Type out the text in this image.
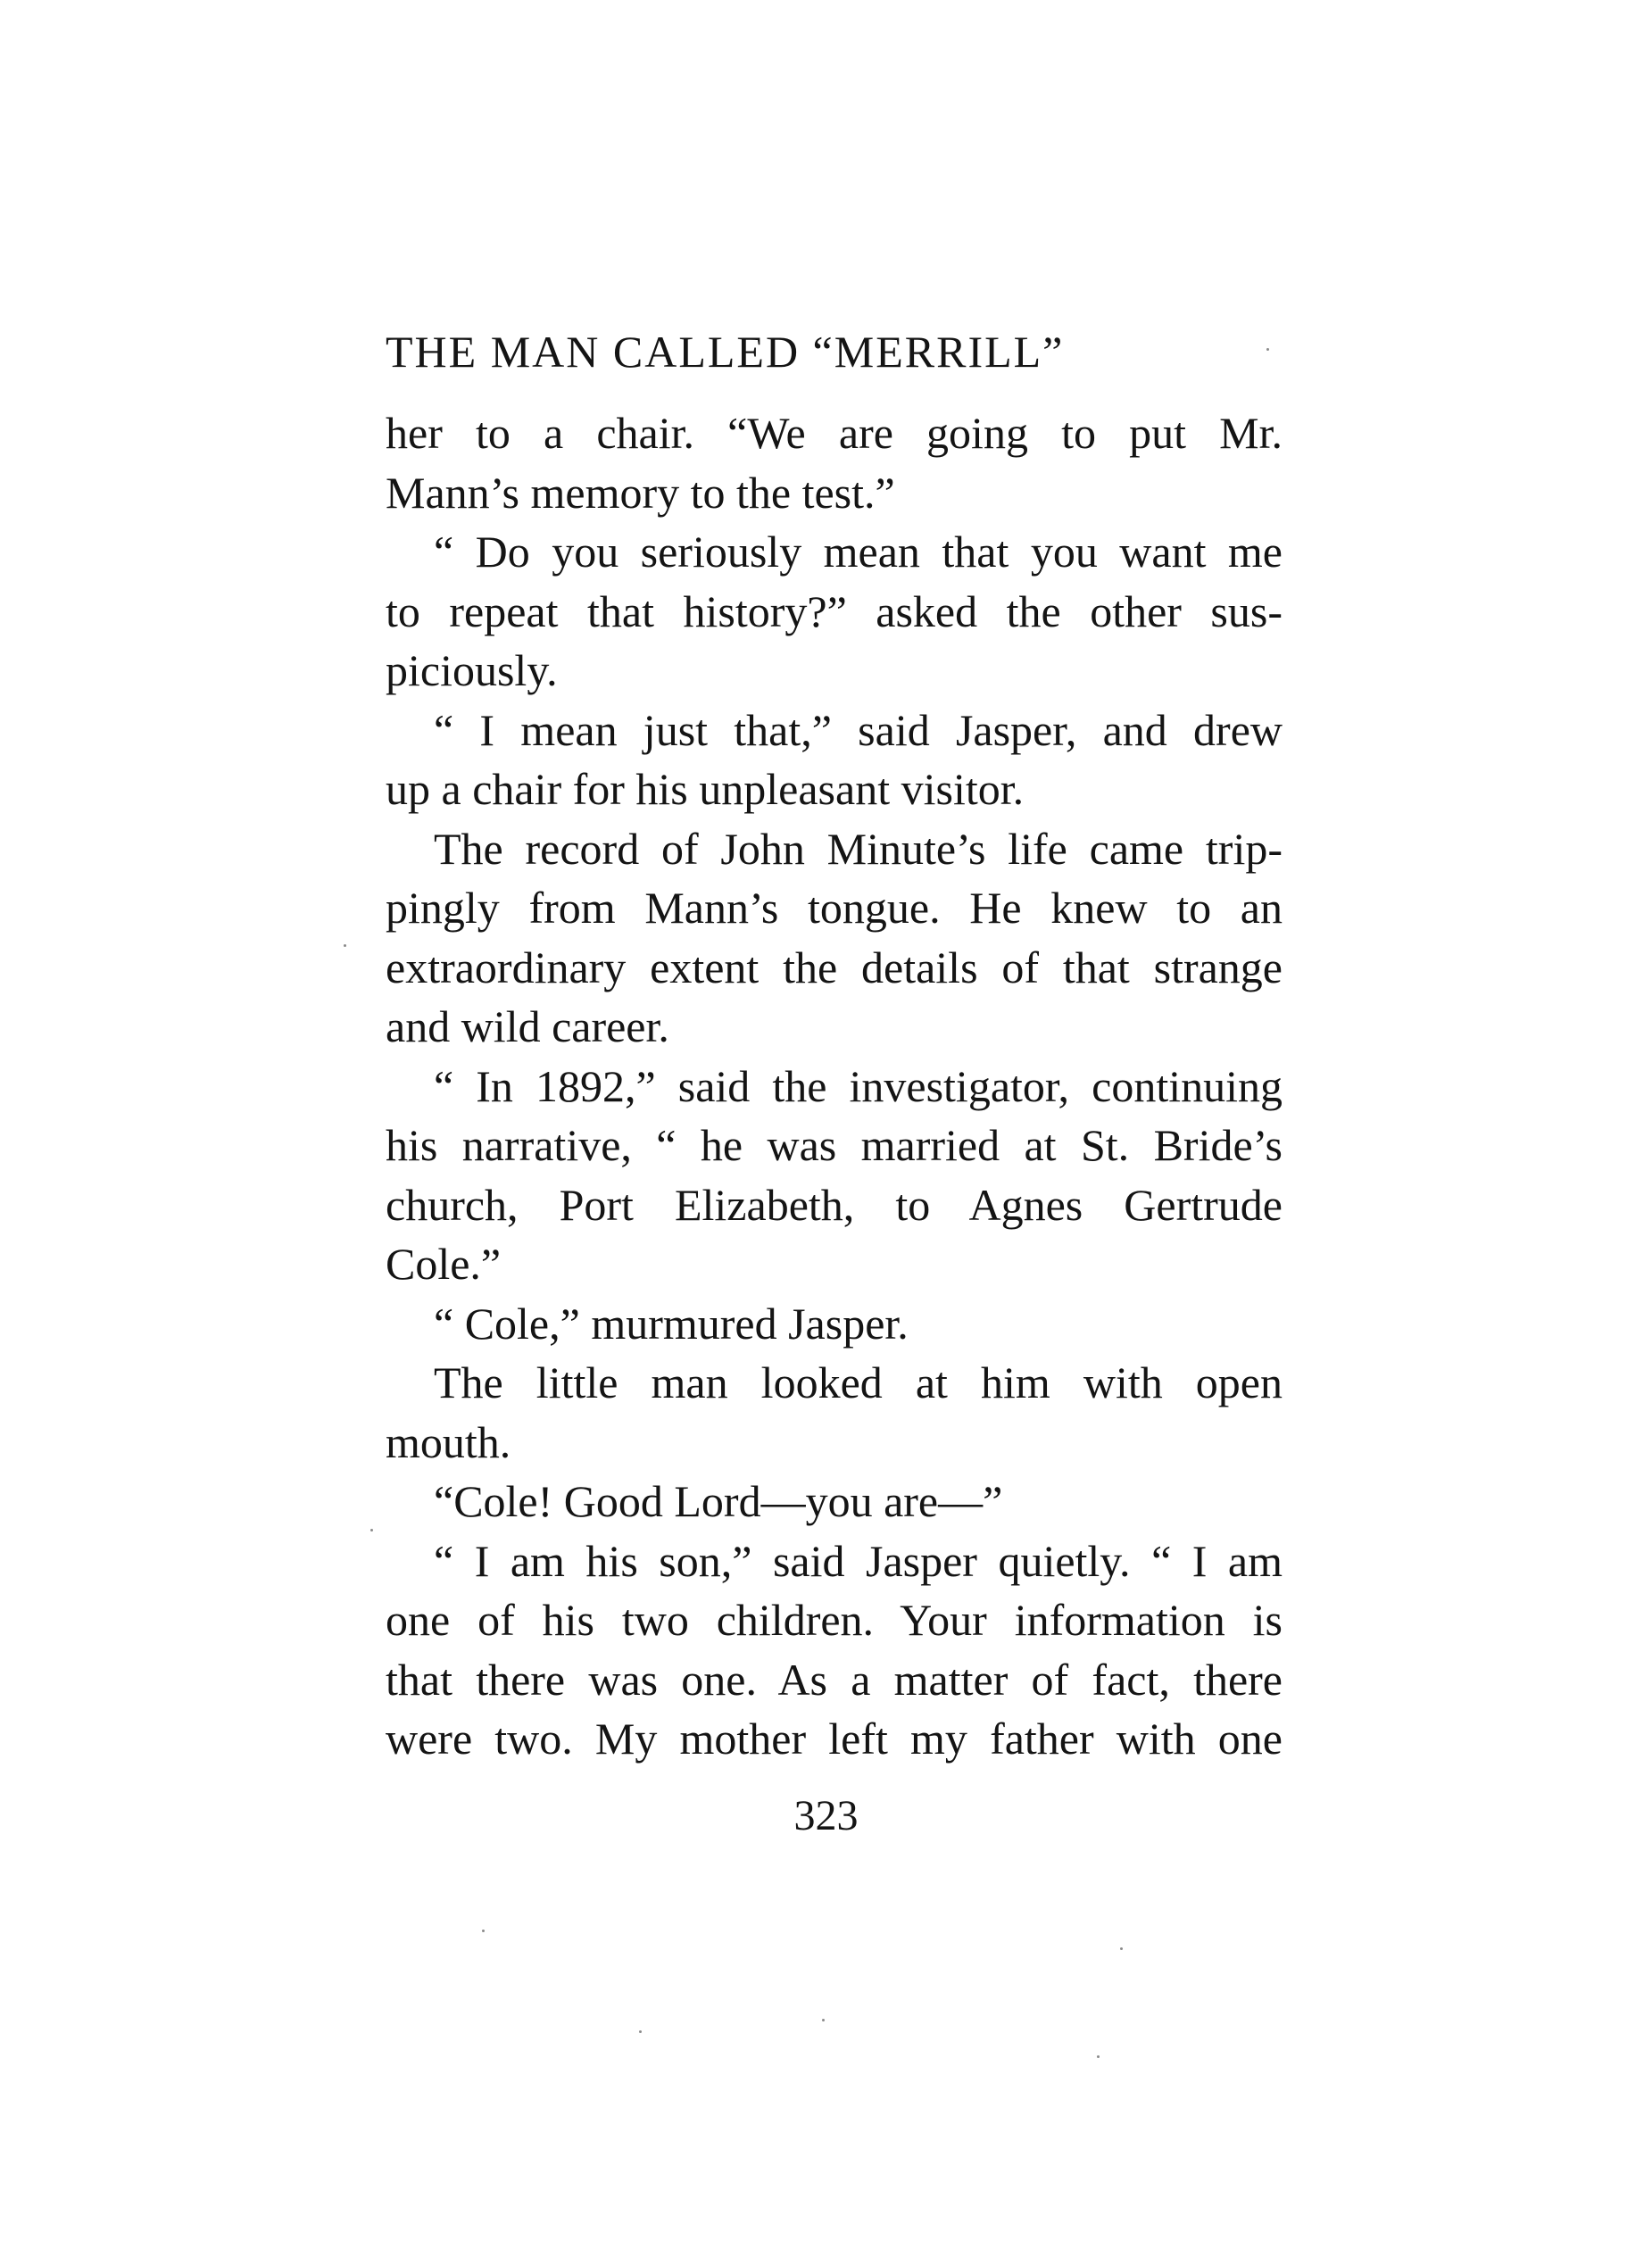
THE MAN CALLED “MERRILL”
her to a chair. “We are going to put Mr.
Mann’s memory to the test.”
“ Do you seriously mean that you want me
to repeat that history?” asked the other sus-
piciously.
“ I mean just that,” said Jasper, and drew
up a chair for his unpleasant visitor.
The record of John Minute’s life came trip-
pingly from Mann’s tongue. He knew to an
extraordinary extent the details of that strange
and wild career.
“ In 1892,” said the investigator, continuing
his narrative, “ he was married at St. Bride’s
church, Port Elizabeth, to Agnes Gertrude
Cole.”
“ Cole,” murmured Jasper.
The little man looked at him with open
mouth.
“Cole! Good Lord—you are—”
“ I am his son,” said Jasper quietly. “ I am
one of his two children. Your information is
that there was one. As a matter of fact, there
were two. My mother left my father with one
323
